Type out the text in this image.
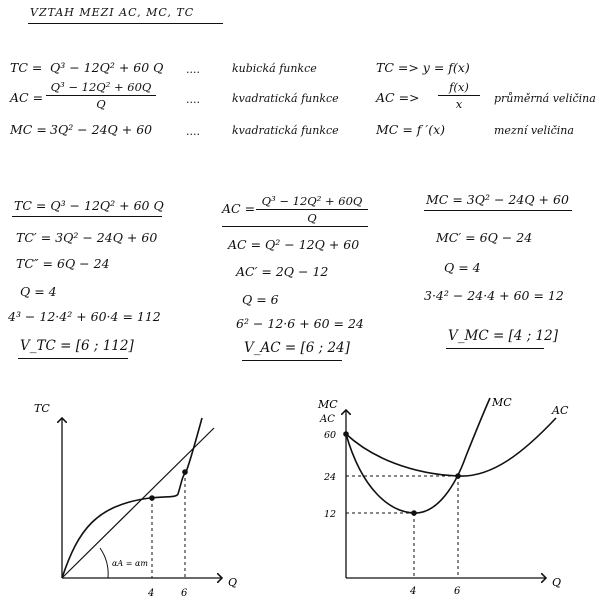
VZTAH MEZI AC, MC, TC
TC = Q³ − 12Q² + 60 Q ....	kubická funkce	TC => y = f(x)
AC = $\frac{\text{Q³ − 12Q² + 60Q}}{Q}$	....	kvadratická funkce	AC => $\frac{f(x)}{x}$ průměrná veličina
MC = 3Q² − 24Q + 60	....	kvadratická funkce	MC = f ′(x)	mezní veličina
TC = Q³ − 12Q² + 60 Q
TC′ = 3Q² − 24Q + 60
TC″ = 6Q − 24
Q = 4
4³ − 12·4² + 60·4 = 112
V_TC = [6 ; 112]
AC = $\frac{\text{Q³ − 12Q² + 60Q}}{Q}$
AC = Q² − 12Q + 60
AC′ = 2Q − 12
Q = 6
6² − 12·6 + 60 = 24
V_AC = [6 ; 24]
MC = 3Q² − 24Q + 60
MC′ = 6Q − 24
Q = 4
3·4² − 24·4 + 60 = 12
V_MC = [4 ; 12]
TC
Q
4	6
αA = αm
MC
AC
60
24
12
4	6
Q
MC
AC
